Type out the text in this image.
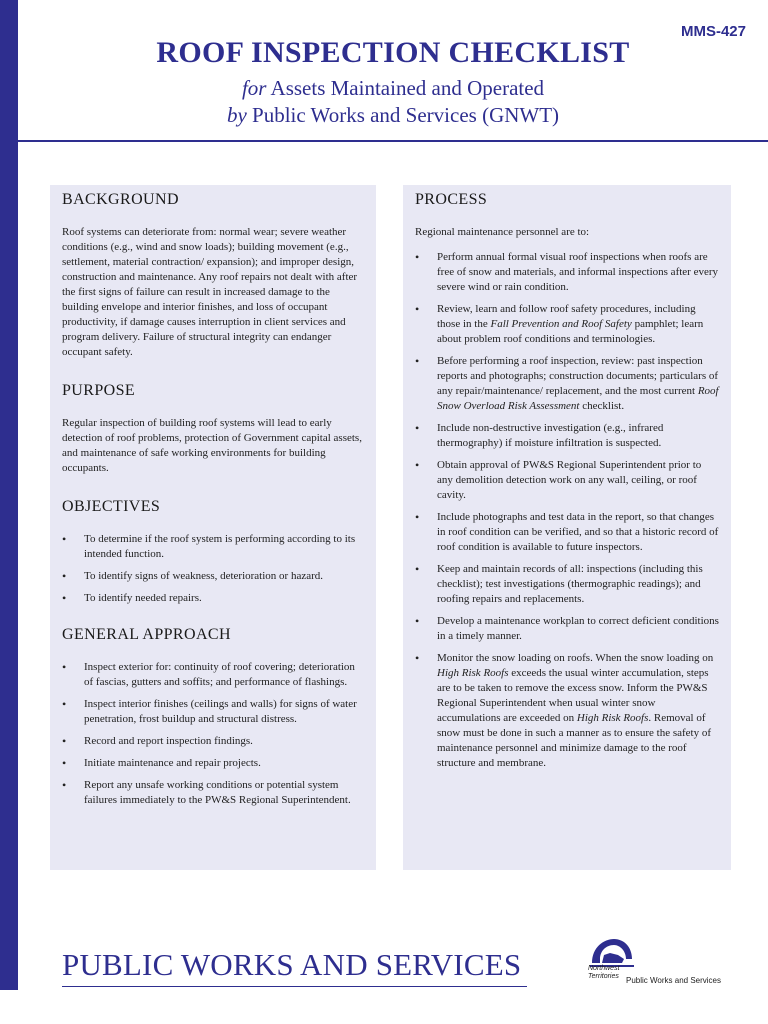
MMS-427
ROOF INSPECTION CHECKLIST
for Assets Maintained and Operated
by Public Works and Services (GNWT)
BACKGROUND

Roof systems can deteriorate from: normal wear; severe weather conditions (e.g., wind and snow loads); building movement (e.g., settlement, material contraction/ expansion); and improper design, construction and maintenance. Any roof repairs not dealt with after the first signs of failure can result in increased damage to the building envelope and interior finishes, and loss of occupant productivity, if damage causes interruption in client services and program delivery. Failure of structural integrity can endanger occupant safety.

PURPOSE

Regular inspection of building roof systems will lead to early detection of roof problems, protection of Government capital assets, and maintenance of safe working environments for building occupants.

OBJECTIVES
• To determine if the roof system is performing according to its intended function.
• To identify signs of weakness, deterioration or hazard.
• To identify needed repairs.
GENERAL APPROACH
• Inspect exterior for: continuity of roof covering; deterioration of fascias, gutters and soffits; and performance of flashings.
• Inspect interior finishes (ceilings and walls) for signs of water penetration, frost buildup and structural distress.
• Record and report inspection findings.
• Initiate maintenance and repair projects.
• Report any unsafe working conditions or potential system failures immediately to the PW&S Regional Superintendent.
PROCESS

Regional maintenance personnel are to:

• Perform annual formal visual roof inspections when roofs are free of snow and materials, and informal inspections after every severe wind or rain condition.
• Review, learn and follow roof safety procedures, including those in the Fall Prevention and Roof Safety pamphlet; learn about problem roof conditions and terminologies.
• Before performing a roof inspection, review: past inspection reports and photographs; construction documents; particulars of any repair/maintenance/ replacement, and the most current Roof Snow Overload Risk Assessment checklist.
• Include non-destructive investigation (e.g., infrared thermography) if moisture infiltration is suspected.
• Obtain approval of PW&S Regional Superintendent prior to any demolition detection work on any wall, ceiling, or roof cavity.
• Include photographs and test data in the report, so that changes in roof condition can be verified, and so that a historic record of roof condition is available to future inspectors.
• Keep and maintain records of all: inspections (including this checklist); test investigations (thermographic readings); and roofing repairs and replacements.
• Develop a maintenance workplan to correct deficient conditions in a timely manner.
• Monitor the snow loading on roofs. When the snow loading on High Risk Roofs exceeds the usual winter accumulation, steps are to be taken to remove the excess snow. Inform the PW&S Regional Superintendent when usual winter snow accumulations are exceeded on High Risk Roofs. Removal of snow must be done in such a manner as to ensure the safety of maintenance personnel and minimize damage to the roof structure and membrane.
PUBLIC WORKS AND SERVICES	Northwest
Territories Public Works and Services
